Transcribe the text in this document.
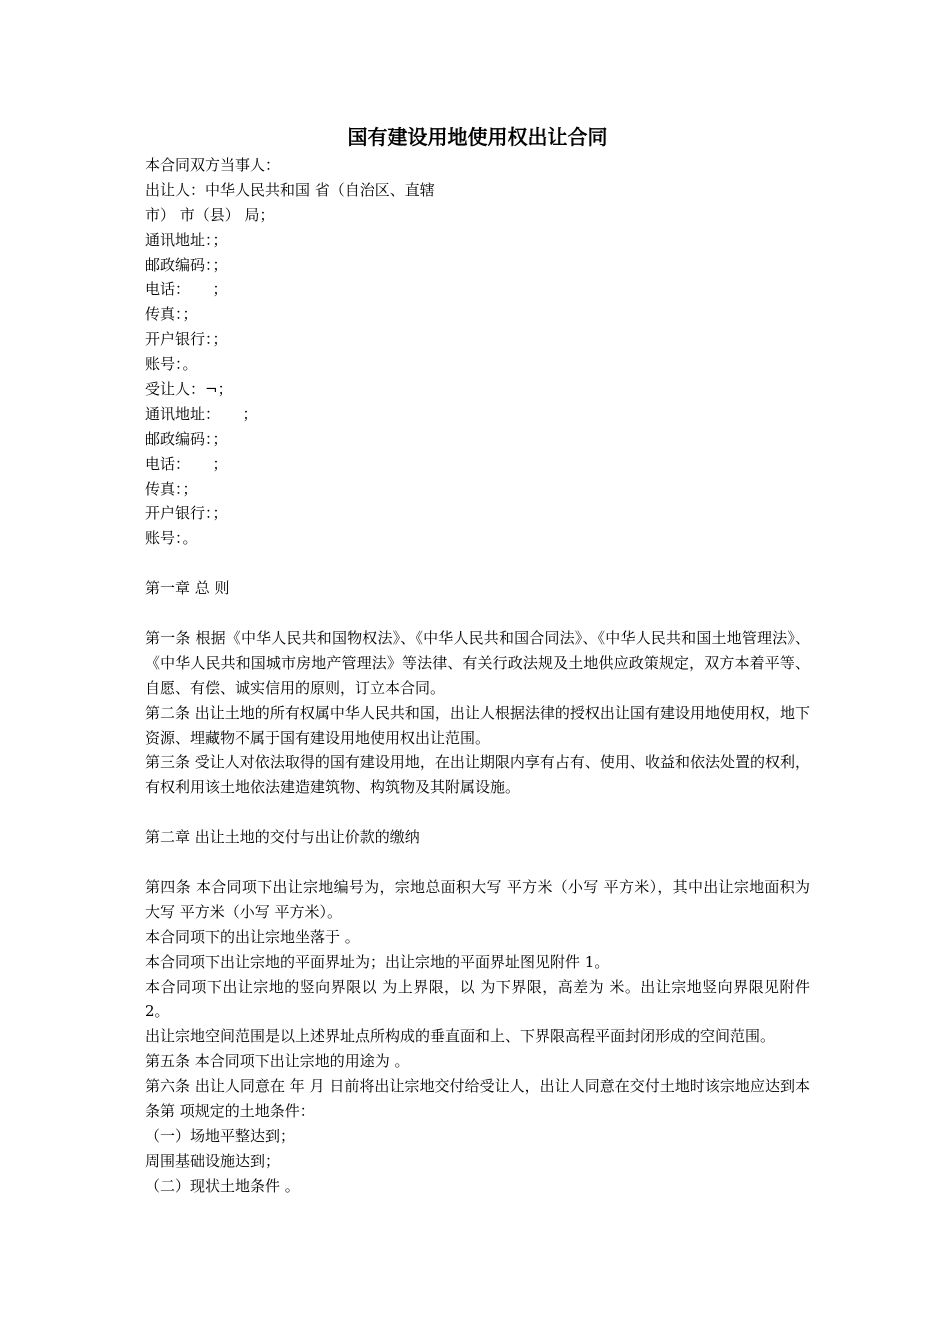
国有建设用地使用权出让合同
本合同双方当事人：
出让人：中华人民共和国 省（自治区、直辖
市） 市（县） 局；
通讯地址：；
邮政编码：；
电话：　　；
传真：；
开户银行：；
账号：。
受让人：¬；
通讯地址：　　；
邮政编码：；
电话：　　；
传真：；
开户银行：；
账号：。
第一章 总 则
第一条 根据《中华人民共和国物权法》、《中华人民共和国合同法》、《中华人民共和国土地管理法》、《中华人民共和国城市房地产管理法》等法律、有关行政法规及土地供应政策规定，双方本着平等、自愿、有偿、诚实信用的原则，订立本合同。
第二条 出让土地的所有权属中华人民共和国，出让人根据法律的授权出让国有建设用地使用权，地下资源、埋藏物不属于国有建设用地使用权出让范围。
第三条 受让人对依法取得的国有建设用地，在出让期限内享有占有、使用、收益和依法处置的权利，有权利用该土地依法建造建筑物、构筑物及其附属设施。
第二章 出让土地的交付与出让价款的缴纳
第四条 本合同项下出让宗地编号为，宗地总面积大写 平方米（小写 平方米），其中出让宗地面积为大写 平方米（小写 平方米）。
本合同项下的出让宗地坐落于 。
本合同项下出让宗地的平面界址为；出让宗地的平面界址图见附件 1。
本合同项下出让宗地的竖向界限以 为上界限，以 为下界限，高差为 米。出让宗地竖向界限见附件 2。
出让宗地空间范围是以上述界址点所构成的垂直面和上、下界限高程平面封闭形成的空间范围。
第五条 本合同项下出让宗地的用途为 。
第六条 出让人同意在 年 月 日前将出让宗地交付给受让人，出让人同意在交付土地时该宗地应达到本条第 项规定的土地条件：
（一）场地平整达到；
周围基础设施达到；
（二）现状土地条件 。
